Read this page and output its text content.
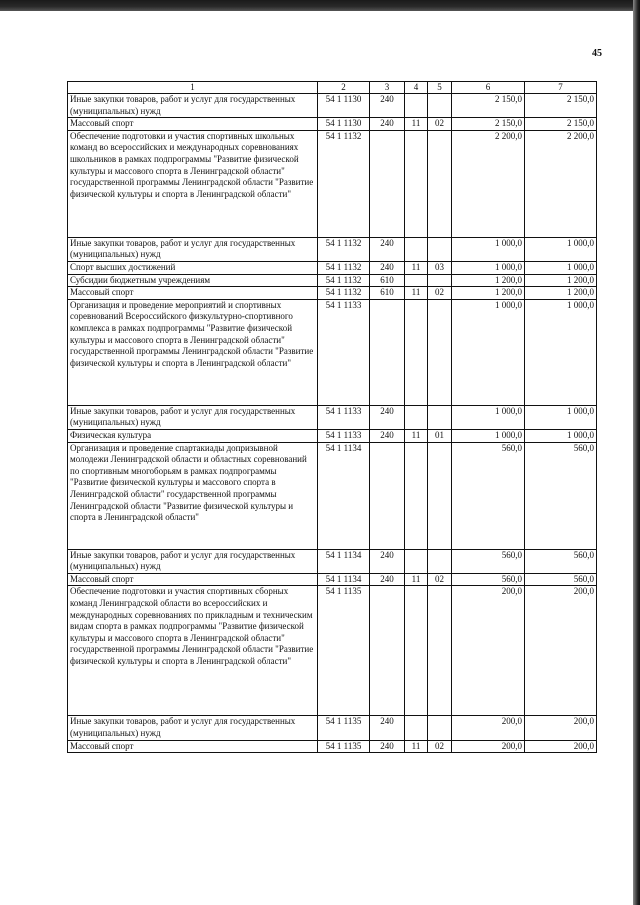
45
1	2	3	4	5	6	7
Иные закупки товаров, работ и услуг для государственных (муниципальных) нужд	54 1 1130	240			2 150,0	2 150,0
Массовый спорт	54 1 1130	240	11	02	2 150,0	2 150,0
Обеспечение подготовки и участия спортивных школьных команд во всероссийских и международных соревнованиях школьников в рамках подпрограммы "Развитие физической культуры и массового спорта в Ленинградской области" государственной программы Ленинградской области "Развитие физической культуры и спорта в Ленинградской области"	54 1 1132				2 200,0	2 200,0
Иные закупки товаров, работ и услуг для государственных (муниципальных) нужд	54 1 1132	240			1 000,0	1 000,0
Спорт высших достижений	54 1 1132	240	11	03	1 000,0	1 000,0
Субсидии бюджетным учреждениям	54 1 1132	610			1 200,0	1 200,0
Массовый спорт	54 1 1132	610	11	02	1 200,0	1 200,0
Организация и проведение мероприятий и спортивных соревнований Всероссийского физкультурно-спортивного комплекса в рамках подпрограммы "Развитие физической культуры и массового спорта в Ленинградской области" государственной программы Ленинградской области "Развитие физической культуры и спорта в Ленинградской области"	54 1 1133				1 000,0	1 000,0
Иные закупки товаров, работ и услуг для государственных (муниципальных) нужд	54 1 1133	240			1 000,0	1 000,0
Физическая культура	54 1 1133	240	11	01	1 000,0	1 000,0
Организация и проведение спартакиады допризывной молодежи Ленинградской области и областных соревнований по спортивным многоборьям в рамках подпрограммы "Развитие физической культуры и массового спорта в Ленинградской области" государственной программы Ленинградской области "Развитие физической культуры и спорта в Ленинградской области"	54 1 1134				560,0	560,0
Иные закупки товаров, работ и услуг для государственных (муниципальных) нужд	54 1 1134	240			560,0	560,0
Массовый спорт	54 1 1134	240	11	02	560,0	560,0
Обеспечение подготовки и участия спортивных сборных команд Ленинградской области во всероссийских и международных соревнованиях по прикладным и техническим видам спорта в рамках подпрограммы "Развитие физической культуры и массового спорта в Ленинградской области" государственной программы Ленинградской области "Развитие физической культуры и спорта в Ленинградской области"	54 1 1135				200,0	200,0
Иные закупки товаров, работ и услуг для государственных (муниципальных) нужд	54 1 1135	240			200,0	200,0
Массовый спорт	54 1 1135	240	11	02	200,0	200,0
